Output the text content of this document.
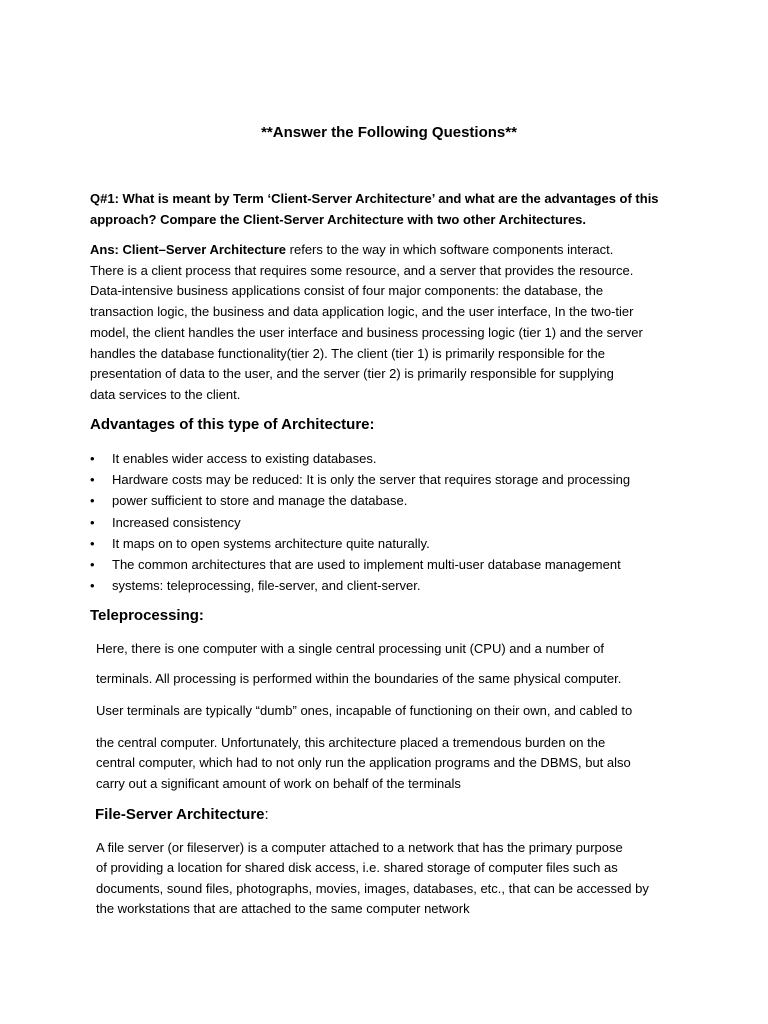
**Answer the Following Questions**
Q#1: What is meant by Term ‘Client-Server Architecture’ and what are the advantages of this
approach? Compare the Client-Server Architecture with two other Architectures.
Ans: Client–Server Architecture refers to the way in which software components interact.
There is a client process that requires some resource, and a server that provides the resource.
Data-intensive business applications consist of four major components: the database, the
transaction logic, the business and data application logic, and the user interface, In the two-tier
model, the client handles the user interface and business processing logic (tier 1) and the server
handles the database functionality(tier 2). The client (tier 1) is primarily responsible for the
presentation of data to the user, and the server (tier 2) is primarily responsible for supplying
data services to the client.
Advantages of this type of Architecture:
• It enables wider access to existing databases.
• Hardware costs may be reduced: It is only the server that requires storage and processing
• power sufficient to store and manage the database.
• Increased consistency
• It maps on to open systems architecture quite naturally.
• The common architectures that are used to implement multi-user database management
• systems: teleprocessing, file-server, and client-server.
Teleprocessing:
Here, there is one computer with a single central processing unit (CPU) and a number of
terminals. All processing is performed within the boundaries of the same physical computer.
User terminals are typically “dumb” ones, incapable of functioning on their own, and cabled to
the central computer. Unfortunately, this architecture placed a tremendous burden on the
central computer, which had to not only run the application programs and the DBMS, but also
carry out a significant amount of work on behalf of the terminals
File-Server Architecture:
A file server (or fileserver) is a computer attached to a network that has the primary purpose
of providing a location for shared disk access, i.e. shared storage of computer files such as
documents, sound files, photographs, movies, images, databases, etc., that can be accessed by
the workstations that are attached to the same computer network
